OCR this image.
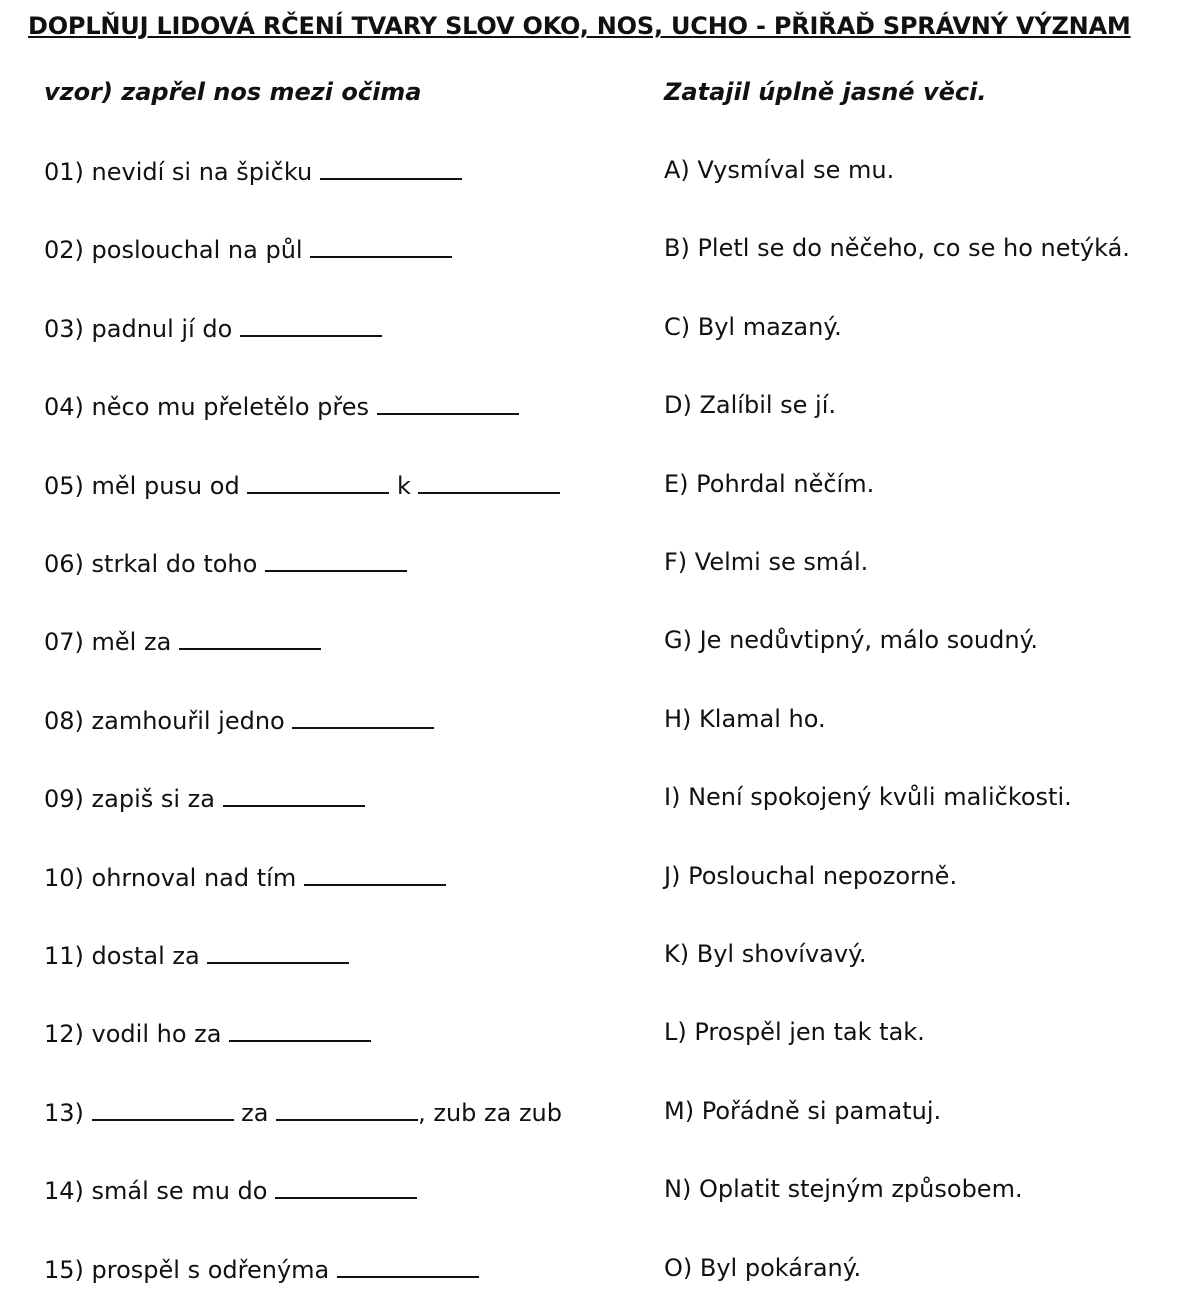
DOPLŇUJ LIDOVÁ RČENÍ TVARY SLOV OKO, NOS, UCHO - PŘIŘAĎ SPRÁVNÝ VÝZNAM
vzor) zapřel nos mezi očima	Zatajil úplně jasné věci.
01) nevidí si na špičku	A) Vysmíval se mu.
02) poslouchal na půl	B) Pletl se do něčeho, co se ho netýká.
03) padnul jí do	C) Byl mazaný.
04) něco mu přeletělo přes	D) Zalíbil se jí.
05) měl pusu od	k	E) Pohrdal něčím.
06) strkal do toho	F) Velmi se smál.
07) měl za	G) Je nedůvtipný, málo soudný.
08) zamhouřil jedno	H) Klamal ho.
09) zapiš si za	I) Není spokojený kvůli maličkosti.
10) ohrnoval nad tím	J) Poslouchal nepozorně.
11) dostal za	K) Byl shovívavý.
12) vodil ho za	L) Prospěl jen tak tak.
13)	za	, zub za zub	M) Pořádně si pamatuj.
14) smál se mu do	N) Oplatit stejným způsobem.
15) prospěl s odřenýma	O) Byl pokáraný.
